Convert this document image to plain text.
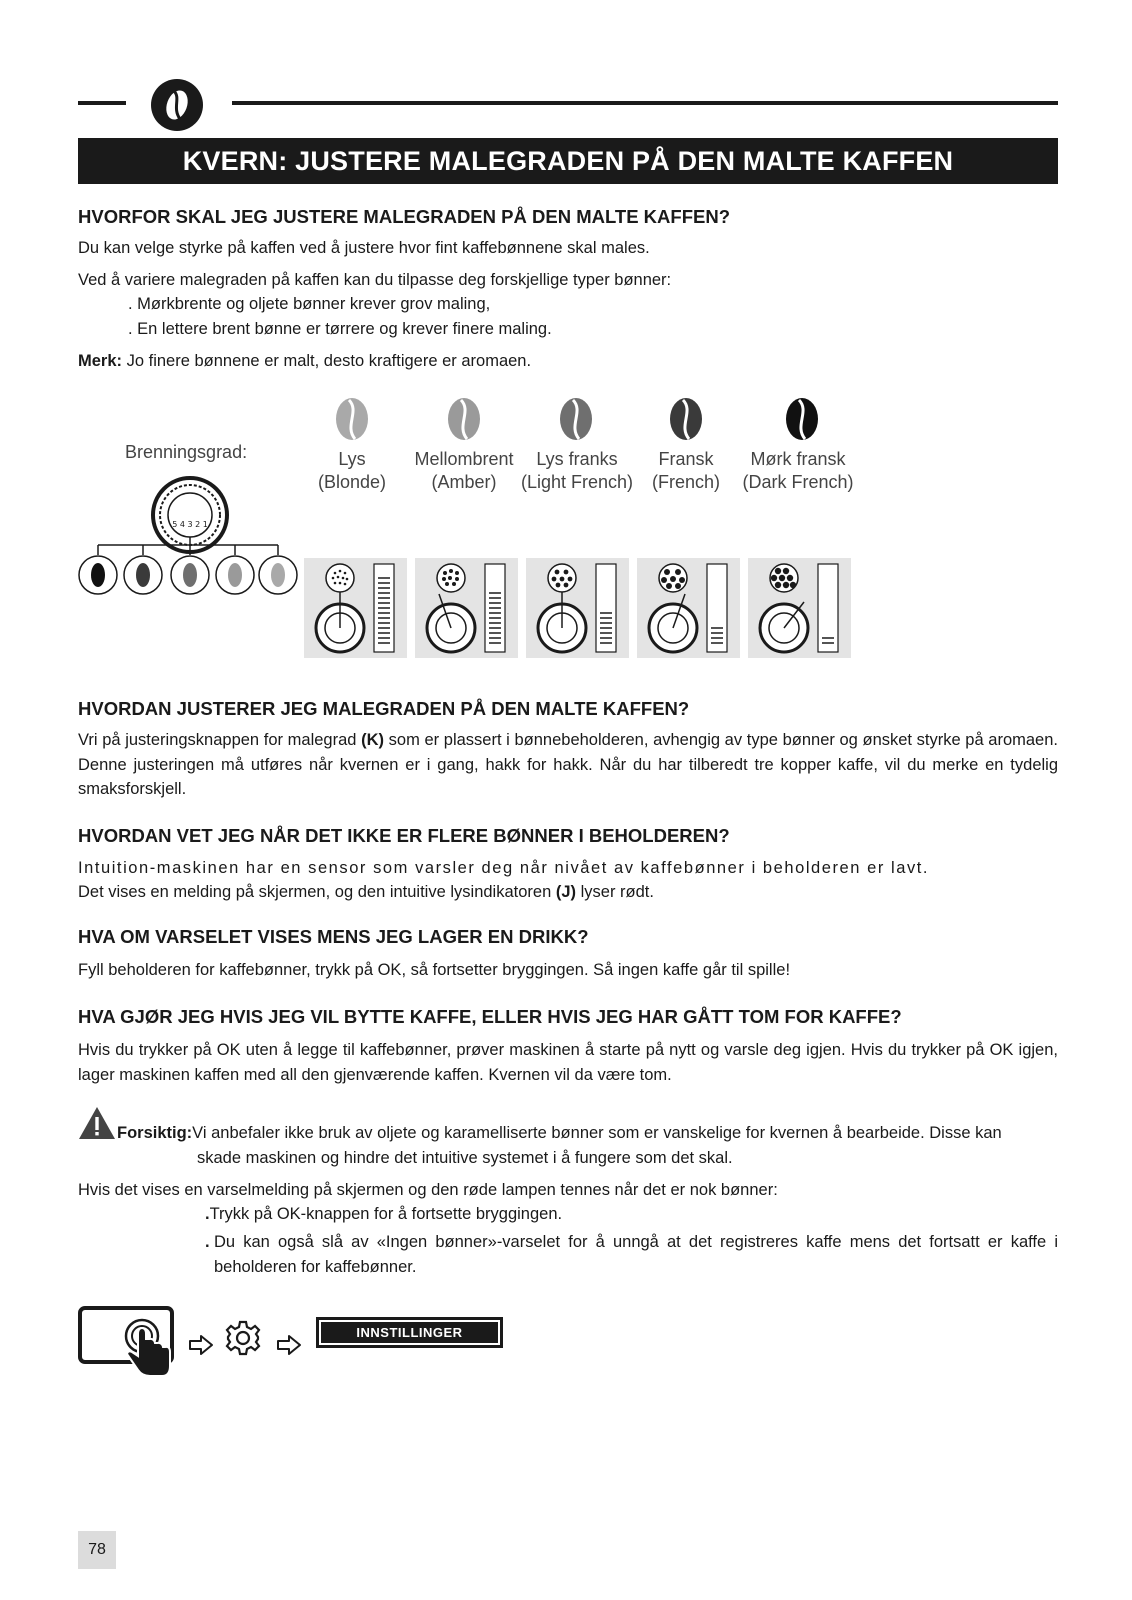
KVERN: JUSTERE MALEGRADEN PÅ DEN MALTE KAFFEN
HVORFOR SKAL JEG JUSTERE MALEGRADEN PÅ DEN MALTE KAFFEN?

Du kan velge styrke på kaffen ved å justere hvor fint kaffebønnene skal males.

Ved å variere malegraden på kaffen kan du tilpasse deg forskjellige typer bønner:

. Mørkbrente og oljete bønner krever grov maling,

. En lettere brent bønne er tørrere og krever finere maling.

Merk: Jo finere bønnene er malt, desto kraftigere er aromaen.

Brenningsgrad:	Lys
(Blonde)
Mellombrent
(Amber)
Lys franks
(Light French)
Fransk
(French)
Mørk fransk
(Dark French)
5 4 3 2 1
HVORDAN JUSTERER JEG MALEGRADEN PÅ DEN MALTE KAFFEN?

Vri på justeringsknappen for malegrad (K) som er plassert i bønnebeholderen, avhengig av type bønner og ønsket styrke på aromaen. Denne justeringen må utføres når kvernen er i gang, hakk for hakk. Når du har tilberedt tre kopper kaffe, vil du merke en tydelig smaksforskjell.

HVORDAN VET JEG NÅR DET IKKE ER FLERE BØNNER I BEHOLDEREN?

Intuition-maskinen har en sensor som varsler deg når nivået av kaffebønner i beholderen er lavt.

Det vises en melding på skjermen, og den intuitive lysindikatoren (J) lyser rødt.

HVA OM VARSELET VISES MENS JEG LAGER EN DRIKK?

Fyll beholderen for kaffebønner, trykk på OK, så fortsetter bryggingen. Så ingen kaffe går til spille!

HVA GJØR JEG HVIS JEG VIL BYTTE KAFFE, ELLER HVIS JEG HAR GÅTT TOM FOR KAFFE?

Hvis du trykker på OK uten å legge til kaffebønner, prøver maskinen å starte på nytt og varsle deg igjen. Hvis du trykker på OK igjen, lager maskinen kaffen med all den gjenværende kaffen. Kvernen vil da være tom.

Forsiktig:Vi anbefaler ikke bruk av oljete og karamelliserte bønner som er vanskelige for kvernen å bearbeide. Disse kan

skade maskinen og hindre det intuitive systemet i å fungere som det skal.

Hvis det vises en varselmelding på skjermen og den røde lampen tennes når det er nok bønner:

.Trykk på OK-knappen for å fortsette bryggingen.

. Du kan også slå av «Ingen bønner»-varselet for å unngå at det registreres kaffe mens det fortsatt er kaffe i beholderen for kaffebønner.

INNSTILLINGER
78
